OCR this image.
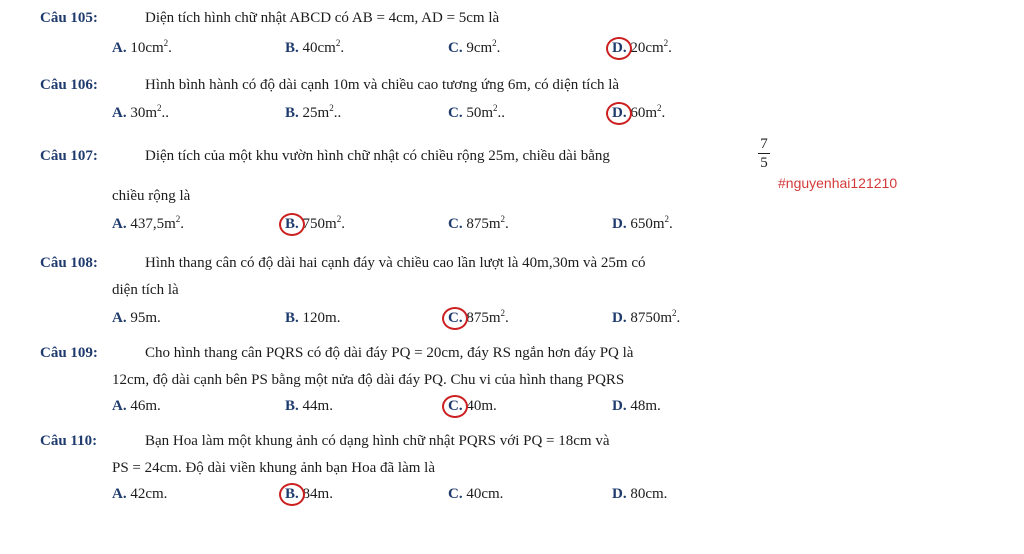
Câu 105:	Diện tích hình chữ nhật ABCD có AB = 4cm, AD = 5cm là
A. $10cm^2$.	B. $40cm^2$.	C. $9cm^2$.	D. $20cm^2$.
Câu 106:	Hình bình hành có độ dài cạnh 10m và chiều cao tương ứng 6m, có diện tích là
A. $30m^2$..	B. $25m^2$..	C. $50m^2$..	D. $60m^2$.
Câu 107:	Diện tích của một khu vườn hình chữ nhật có chiều rộng 25m, chiều dài bằng
7
5
#nguyenhai121210
chiều rộng là
A. $437,5m^2$.	B. $750m^2$.	C. $875m^2$.	D. $650m^2$.
Câu 108:	Hình thang cân có độ dài hai cạnh đáy và chiều cao lần lượt là 40m,30m và 25m có
diện tích là
A. 95m.	B. 120m.	C. $875m^2$.	D. $8750m^2$.
Câu 109:	Cho hình thang cân PQRS có độ dài đáy PQ = 20cm, đáy RS ngắn hơn đáy PQ là
12cm, độ dài cạnh bên PS bằng một nửa độ dài đáy PQ. Chu vi của hình thang PQRS
A. 46m.	B. 44m.	C. 40m.	D. 48m.
Câu 110:	Bạn Hoa làm một khung ảnh có dạng hình chữ nhật PQRS với PQ = 18cm và
PS = 24cm. Độ dài viền khung ảnh bạn Hoa đã làm là
A. 42cm.	B. 84m.	C. 40cm.	D. 80cm.
